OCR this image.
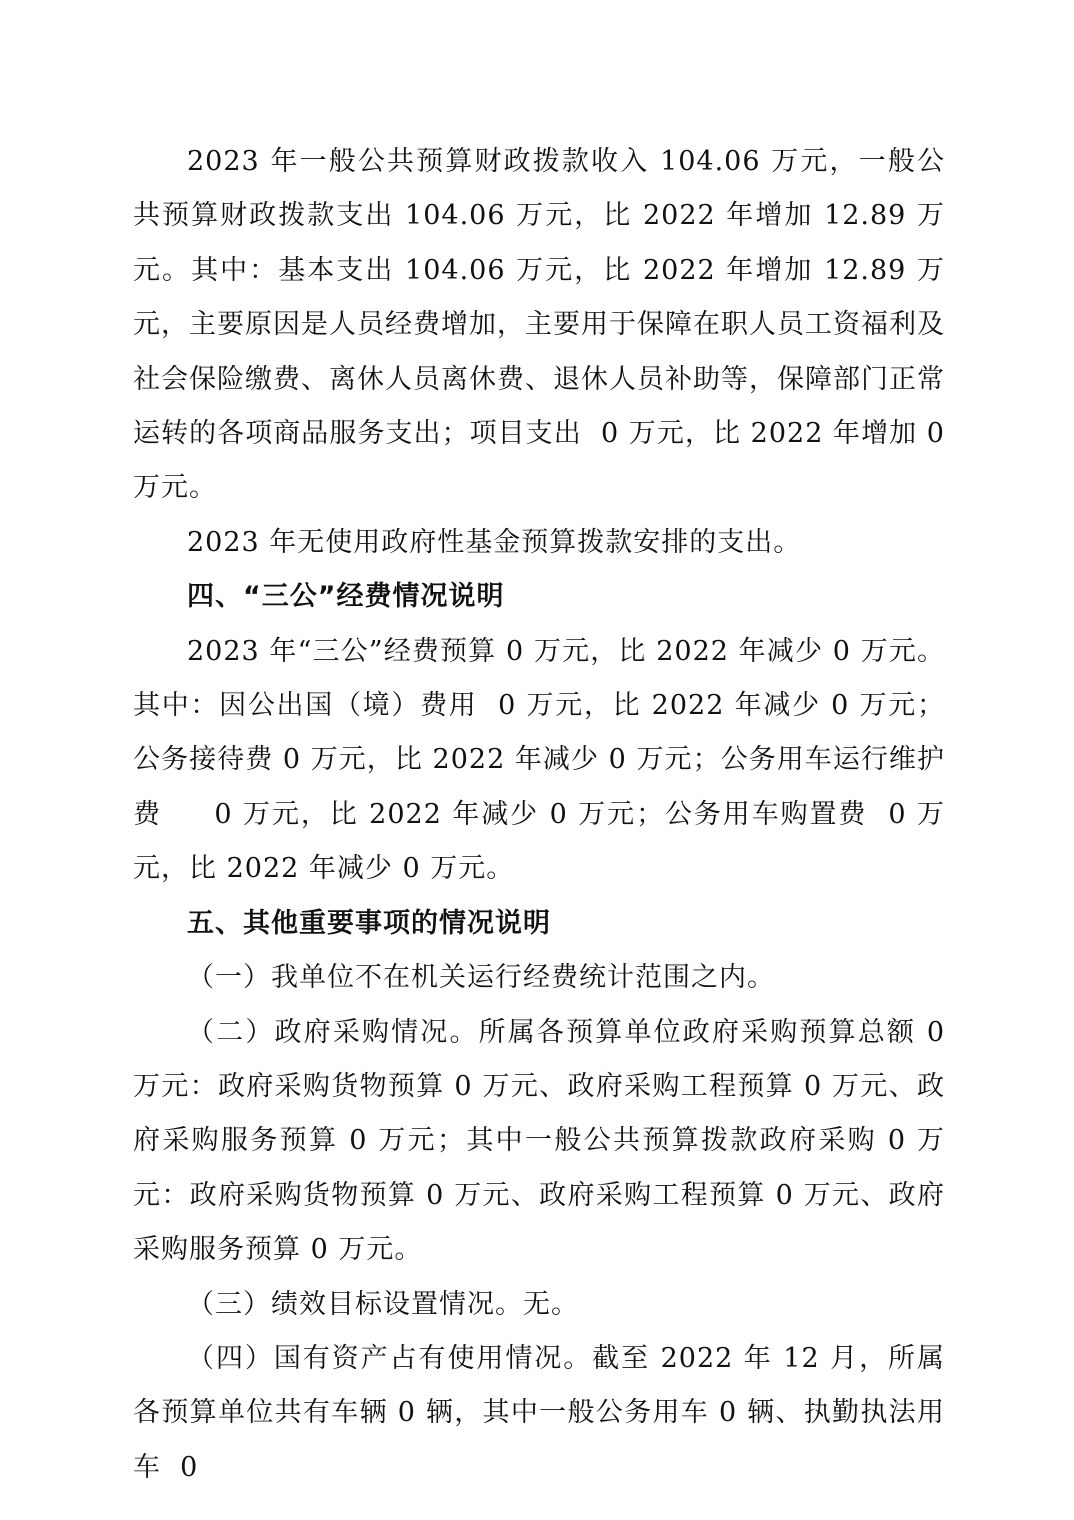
2023 年一般公共预算财政拨款收入 104.06 万元，一般公共预算财政拨款支出 104.06 万元，比 2022 年增加 12.89 万元。其中：基本支出 104.06 万元，比 2022 年增加 12.89 万元，主要原因是人员经费增加，主要用于保障在职人员工资福利及社会保险缴费、离休人员离休费、退休人员补助等，保障部门正常运转的各项商品服务支出；项目支出  0 万元，比 2022 年增加 0 万元。

2023 年无使用政府性基金预算拨款安排的支出。

四、“三公”经费情况说明

2023 年“三公”经费预算 0 万元，比 2022 年减少 0 万元。其中：因公出国（境）费用  0 万元，比 2022 年减少 0 万元；公务接待费 0 万元，比 2022 年减少 0 万元；公务用车运行维护费     0 万元，比 2022 年减少 0 万元；公务用车购置费  0 万元，比 2022 年减少 0 万元。

五、其他重要事项的情况说明

（一）我单位不在机关运行经费统计范围之内。

（二）政府采购情况。所属各预算单位政府采购预算总额 0 万元：政府采购货物预算 0 万元、政府采购工程预算 0 万元、政府采购服务预算 0 万元；其中一般公共预算拨款政府采购 0 万元：政府采购货物预算 0 万元、政府采购工程预算 0 万元、政府采购服务预算 0 万元。

（三）绩效目标设置情况。无。

（四）国有资产占有使用情况。截至 2022 年 12 月，所属各预算单位共有车辆 0 辆，其中一般公务用车 0 辆、执勤执法用车  0
